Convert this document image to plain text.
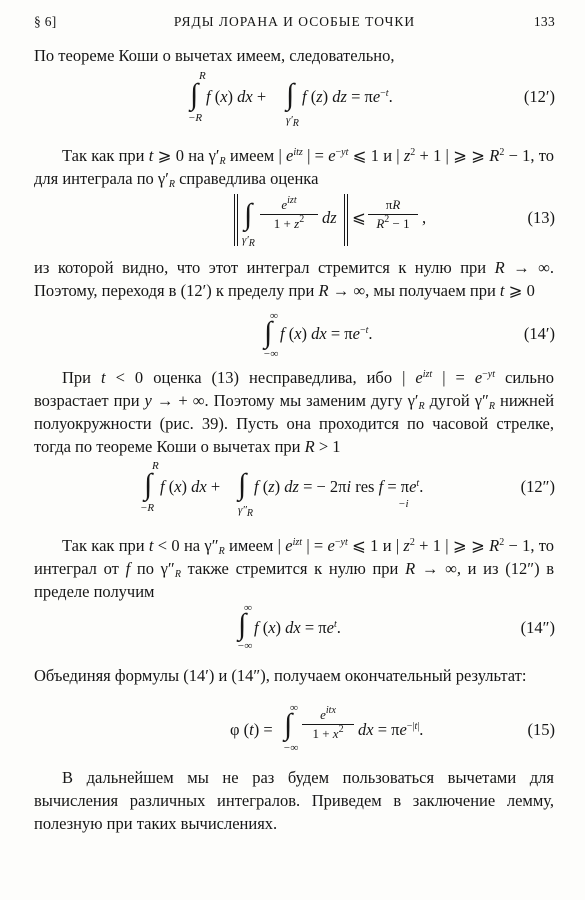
§ 6]	РЯДЫ ЛОРАНА И ОСОБЫЕ ТОЧКИ	133
По теореме Коши о вычетах имеем, следовательно,
R
∫
−R
f (x) dx + ∫
$\gamma'_R$
f (z) dz = $\pi e^{-t}$.	(12′)
Так как при t ⩾ 0 на $\gamma'_R$ имеем | $e^{itz}$ | = $e^{-yt}$ ⩽ 1 и | $z^2 + 1$ | ⩾ ⩾ $R^2 - 1$, то для интеграла по $\gamma'_R$ справедлива оценка
∫
$\gamma'_R$
$e^{izt}$
$1 + z^2$	dz ⩽ $\frac{\pi R}{R^2 - 1}$ ,	(13)
из которой видно, что этот интеграл стремится к нулю при R → ∞. Поэтому, переходя в (12′) к пределу при R → ∞, мы получаем при t ⩾ 0
∞
∫
−∞
f (x) dx = $\pi e^{-t}$.	(14′)
При t < 0 оценка (13) несправедлива, ибо | $e^{izt}$ | = $e^{-yt}$ сильно возрастает при y → + ∞. Поэтому мы заменим дугу $\gamma'_R$ дугой $\gamma''_R$ нижней полуокружности (рис. 39). Пусть она проходится по часовой стрелке, тогда по теореме Коши о вычетах при R > 1
R
∫
−R
f (x) dx + ∫
$\gamma''_R$
f (z) dz = − 2πi res $f = \pi e^t$.
−i
(12″)
Так как при t < 0 на $\gamma''_R$ имеем | $e^{izt}$ | = $e^{-yt}$ ⩽ 1 и | $z^2 + 1$ | ⩾ ⩾ $R^2 - 1$, то интеграл от f по $\gamma''_R$ также стремится к нулю при R → ∞, и из (12″) в пределе получим
∞
∫
−∞
f (x) dx = $\pi e^t$.	(14″)
Объединяя формулы (14′) и (14″), получаем окончательный результат:
φ (t) =
∞
∫
−∞
$e^{itx}$
$1 + x^2$ dx = $\pi e^{-|t|}$.	(15)
В дальнейшем мы не раз будем пользоваться вычетами для вычисления различных интегралов. Приведем в заключение лемму, полезную при таких вычислениях.
